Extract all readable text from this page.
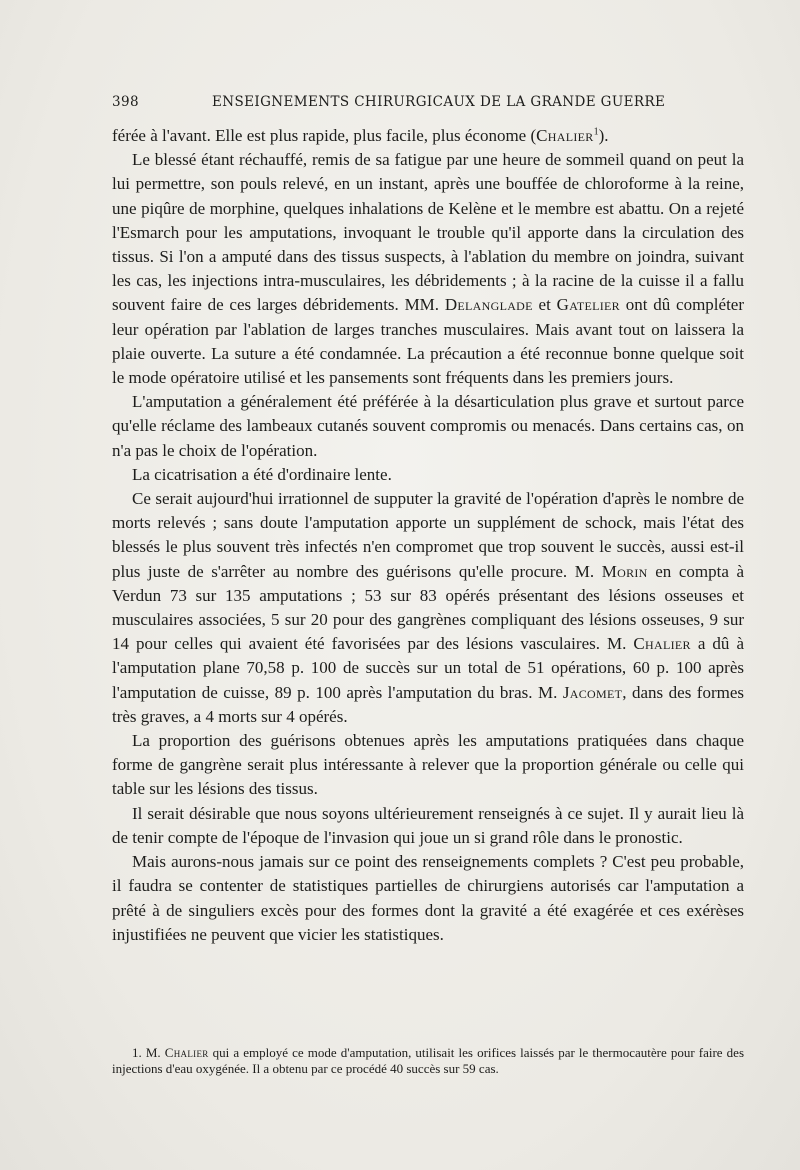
398	ENSEIGNEMENTS CHIRURGICAUX DE LA GRANDE GUERRE

férée à l'avant. Elle est plus rapide, plus facile, plus économe (Chalier$^1$).

Le blessé étant réchauffé, remis de sa fatigue par une heure de sommeil quand on peut la lui permettre, son pouls relevé, en un instant, après une bouffée de chloroforme à la reine, une piqûre de morphine, quelques inhalations de Kelène et le membre est abattu. On a rejeté l'Esmarch pour les amputations, invoquant le trouble qu'il apporte dans la circulation des tissus. Si l'on a amputé dans des tissus suspects, à l'ablation du membre on joindra, suivant les cas, les injections intra-musculaires, les débridements ; à la racine de la cuisse il a fallu souvent faire de ces larges débridements. MM. Delanglade et Gatelier ont dû compléter leur opération par l'ablation de larges tranches musculaires. Mais avant tout on laissera la plaie ouverte. La suture a été condamnée. La précaution a été reconnue bonne quelque soit le mode opératoire utilisé et les pansements sont fréquents dans les premiers jours.

L'amputation a généralement été préférée à la désarticulation plus grave et surtout parce qu'elle réclame des lambeaux cutanés souvent compromis ou menacés. Dans certains cas, on n'a pas le choix de l'opération.

La cicatrisation a été d'ordinaire lente.

Ce serait aujourd'hui irrationnel de supputer la gravité de l'opération d'après le nombre de morts relevés ; sans doute l'amputation apporte un supplément de schock, mais l'état des blessés le plus souvent très infectés n'en compromet que trop souvent le succès, aussi est-il plus juste de s'arrêter au nombre des guérisons qu'elle procure. M. Morin en compta à Verdun 73 sur 135 amputations ; 53 sur 83 opérés présentant des lésions osseuses et musculaires associées, 5 sur 20 pour des gangrènes compliquant des lésions osseuses, 9 sur 14 pour celles qui avaient été favorisées par des lésions vasculaires. M. Chalier a dû à l'amputation plane 70,58 p. 100 de succès sur un total de 51 opérations, 60 p. 100 après l'amputation de cuisse, 89 p. 100 après l'amputation du bras. M. Jacomet, dans des formes très graves, a 4 morts sur 4 opérés.

La proportion des guérisons obtenues après les amputations pratiquées dans chaque forme de gangrène serait plus intéressante à relever que la proportion générale ou celle qui table sur les lésions des tissus.

Il serait désirable que nous soyons ultérieurement renseignés à ce sujet. Il y aurait lieu là de tenir compte de l'époque de l'invasion qui joue un si grand rôle dans le pronostic.

Mais aurons-nous jamais sur ce point des renseignements complets ? C'est peu probable, il faudra se contenter de statistiques partielles de chirurgiens autorisés car l'amputation a prêté à de singuliers excès pour des formes dont la gravité a été exagérée et ces exérèses injustifiées ne peuvent que vicier les statistiques.

1. M. Chalier qui a employé ce mode d'amputation, utilisait les orifices laissés par le thermocautère pour faire des injections d'eau oxygénée. Il a obtenu par ce procédé 40 succès sur 59 cas.
